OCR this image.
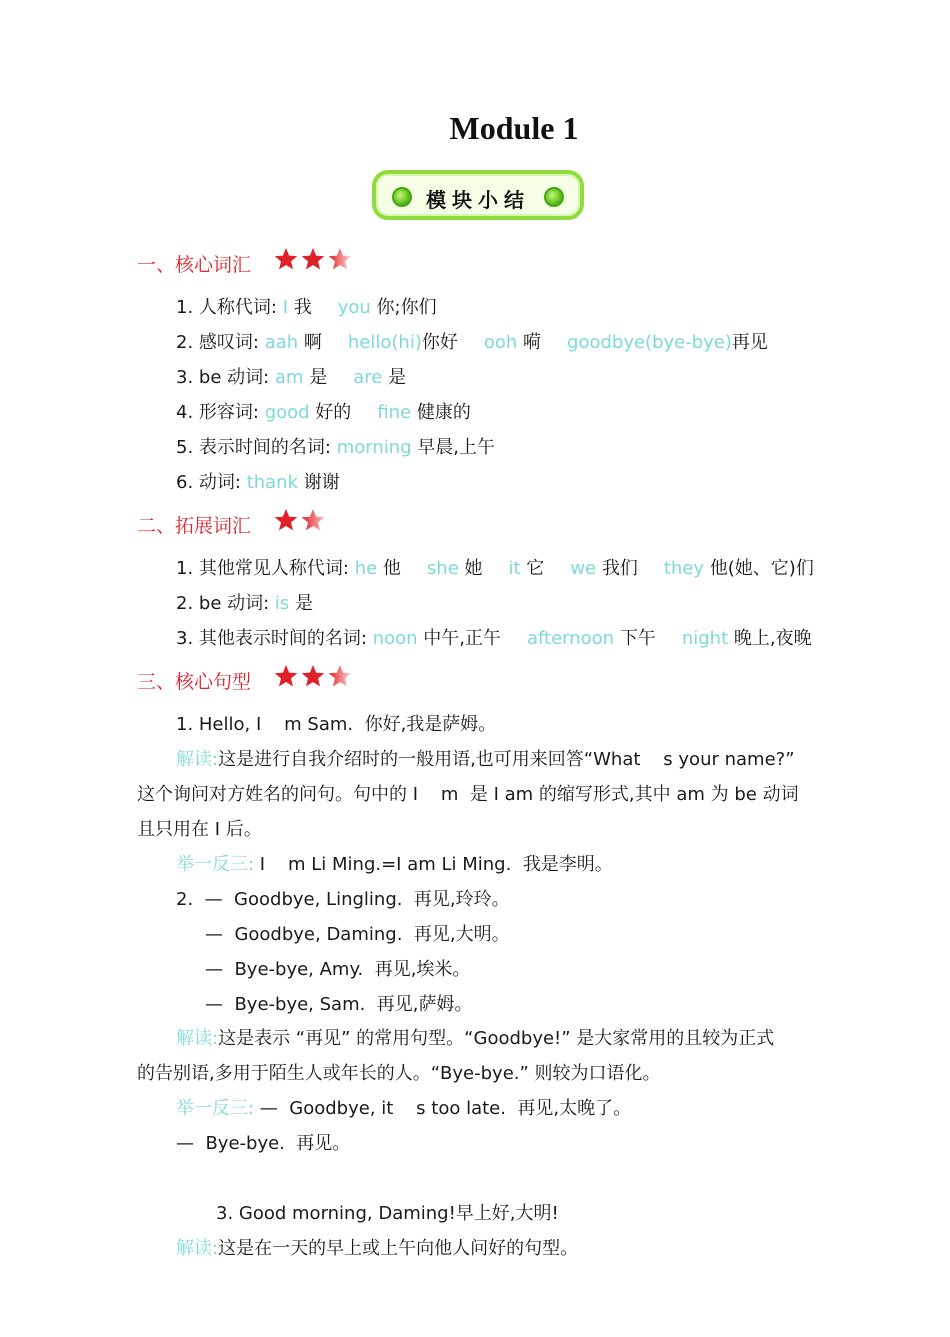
Module 1
模块小结
一、核心词汇
1. 人称代词: I 我 you 你;你们
2. 感叹词: aah 啊 hello(hi)你好 ooh 嗬 goodbye(bye-bye)再见
3. be 动词: am 是 are 是
4. 形容词: good 好的 fine 健康的
5. 表示时间的名词: morning 早晨,上午
6. 动词: thank 谢谢
二、拓展词汇
1. 其他常见人称代词: he 他 she 她 it 它 we 我们 they 他(她、它)们
2. be 动词: is 是
3. 其他表示时间的名词: noon 中午,正午 afternoon 下午 night 晚上,夜晚
三、核心句型
1. Hello, I    m Sam.  你好,我是萨姆。
解读:这是进行自我介绍时的一般用语,也可用来回答“What    s your name?”
这个询问对方姓名的问句。句中的 I    m  是 I am 的缩写形式,其中 am 为 be 动词
且只用在 I 后。
举一反三: I    m Li Ming.=I am Li Ming.  我是李明。
2.  —  Goodbye, Lingling.  再见,玲玲。
—  Goodbye, Daming.  再见,大明。
—  Bye-bye, Amy.  再见,埃米。
—  Bye-bye, Sam.  再见,萨姆。
解读:这是表示 “再见” 的常用句型。“Goodbye!” 是大家常用的且较为正式
的告别语,多用于陌生人或年长的人。“Bye-bye.” 则较为口语化。
举一反三: —  Goodbye, it    s too late.  再见,太晚了。
—  Bye-bye.  再见。
3. Good morning, Daming!早上好,大明!
解读:这是在一天的早上或上午向他人问好的句型。
